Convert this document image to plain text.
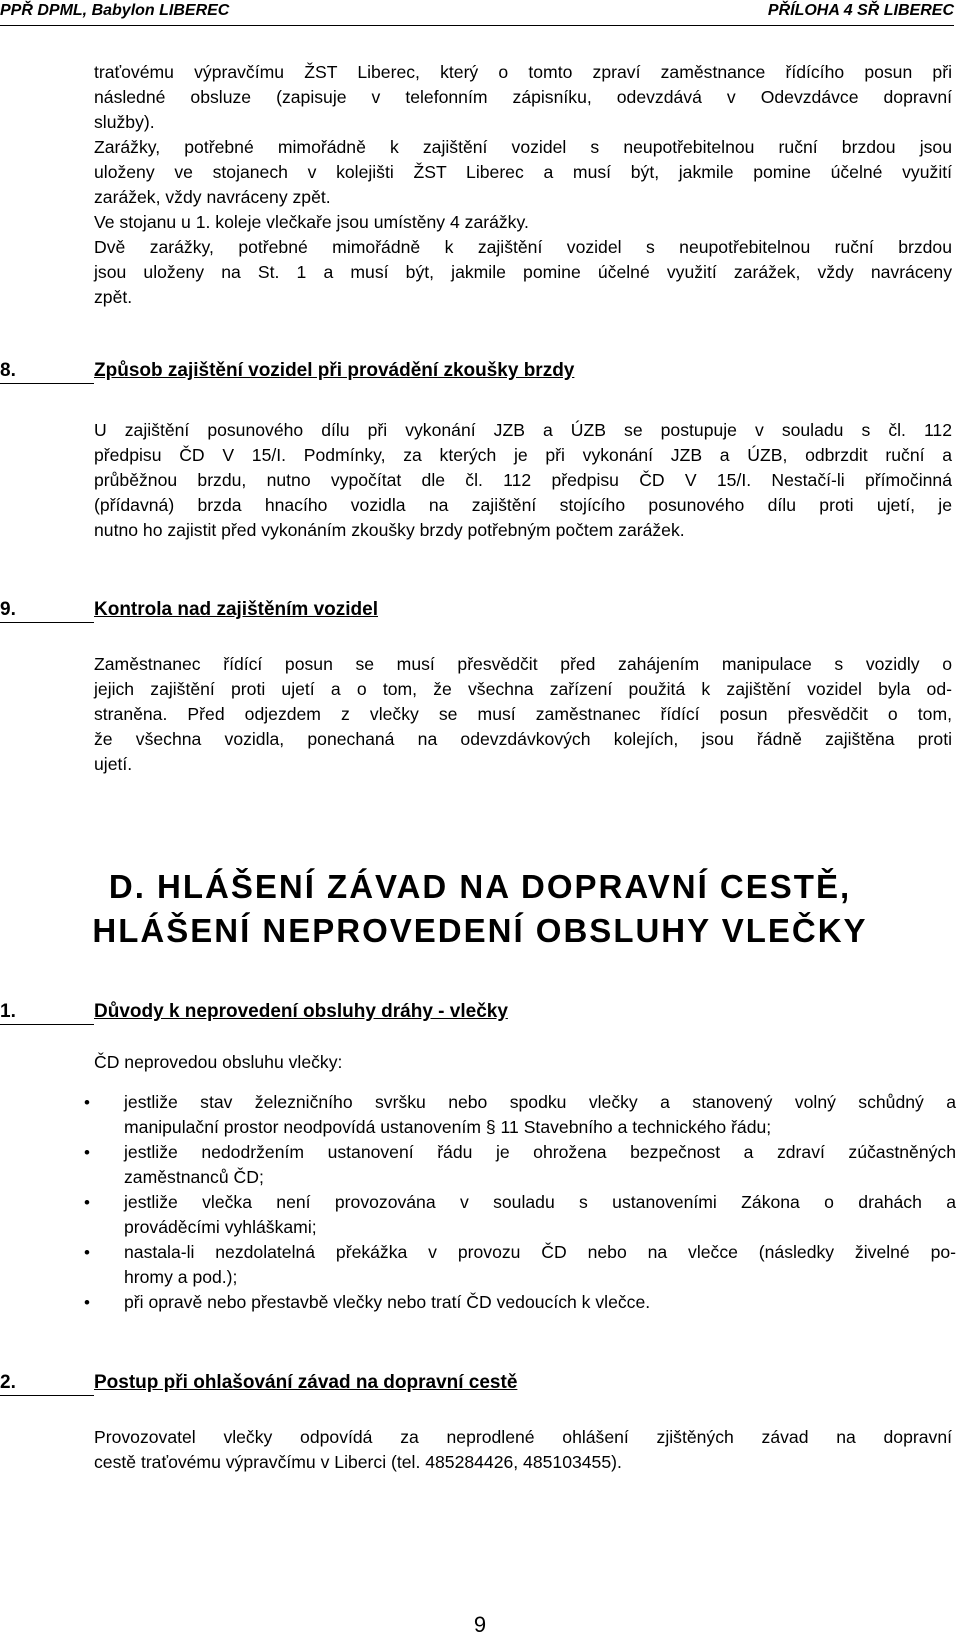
PPŘ DPML, Babylon LIBEREC	PŘÍLOHA 4 SŘ LIBEREC
traťovému výpravčímu ŽST Liberec, který o tomto zpraví zaměstnance řídícího posun při
následné obsluze (zapisuje v telefonním zápisníku, odevzdává v Odevzdávce dopravní
služby).
Zarážky, potřebné mimořádně k zajištění vozidel s neupotřebitelnou ruční brzdou jsou
uloženy ve stojanech v kolejišti ŽST Liberec a musí být, jakmile pomine účelné využití
zarážek, vždy navráceny zpět.
Ve stojanu u 1. koleje vlečkaře jsou umístěny 4 zarážky.
Dvě zarážky, potřebné mimořádně k zajištění vozidel s neupotřebitelnou ruční brzdou
jsou uloženy na St. 1 a musí být, jakmile pomine účelné využití zarážek, vždy navráceny
zpět.
8.	Způsob zajištění vozidel při provádění zkoušky brzdy
U zajištění posunového dílu při vykonání JZB a ÚZB se postupuje v souladu s čl. 112
předpisu ČD V 15/I. Podmínky, za kterých je při vykonání JZB a ÚZB, odbrzdit ruční a
průběžnou brzdu, nutno vypočítat dle čl. 112 předpisu ČD V 15/I. Nestačí-li přímočinná
(přídavná) brzda hnacího vozidla na zajištění stojícího posunového dílu proti ujetí, je
nutno ho zajistit před vykonáním zkoušky brzdy potřebným počtem zarážek.
9.	Kontrola nad zajištěním vozidel
Zaměstnanec řídící posun se musí přesvědčit před zahájením manipulace s vozidly o
jejich zajištění proti ujetí a o tom, že všechna zařízení použitá k zajištění vozidel byla od-
straněna. Před odjezdem z vlečky se musí zaměstnanec řídící posun přesvědčit o tom,
že všechna vozidla, ponechaná na odevzdávkových kolejích, jsou řádně zajištěna proti
ujetí.
D. HLÁŠENÍ ZÁVAD NA DOPRAVNÍ CESTĚ,
HLÁŠENÍ NEPROVEDENÍ OBSLUHY VLEČKY
1.	Důvody k neprovedení obsluhy dráhy - vlečky
ČD neprovedou obsluhu vlečky:
• jestliže stav železničního svršku nebo spodku vlečky a stanovený volný schůdný a
manipulační prostor neodpovídá ustanovením § 11 Stavebního a technického řádu;
• jestliže nedodržením ustanovení řádu je ohrožena bezpečnost a zdraví zúčastněných
zaměstnanců ČD;
• jestliže vlečka není provozována v souladu s ustanoveními Zákona o drahách a
prováděcími vyhláškami;
• nastala-li nezdolatelná překážka v provozu ČD nebo na vlečce (následky živelné po-
hromy a pod.);
• při opravě nebo přestavbě vlečky nebo tratí ČD vedoucích k vlečce.
2.	Postup při ohlašování závad na dopravní cestě
Provozovatel vlečky odpovídá za neprodlené ohlášení zjištěných závad na dopravní
cestě traťovému výpravčímu v Liberci (tel. 485284426, 485103455).
9
